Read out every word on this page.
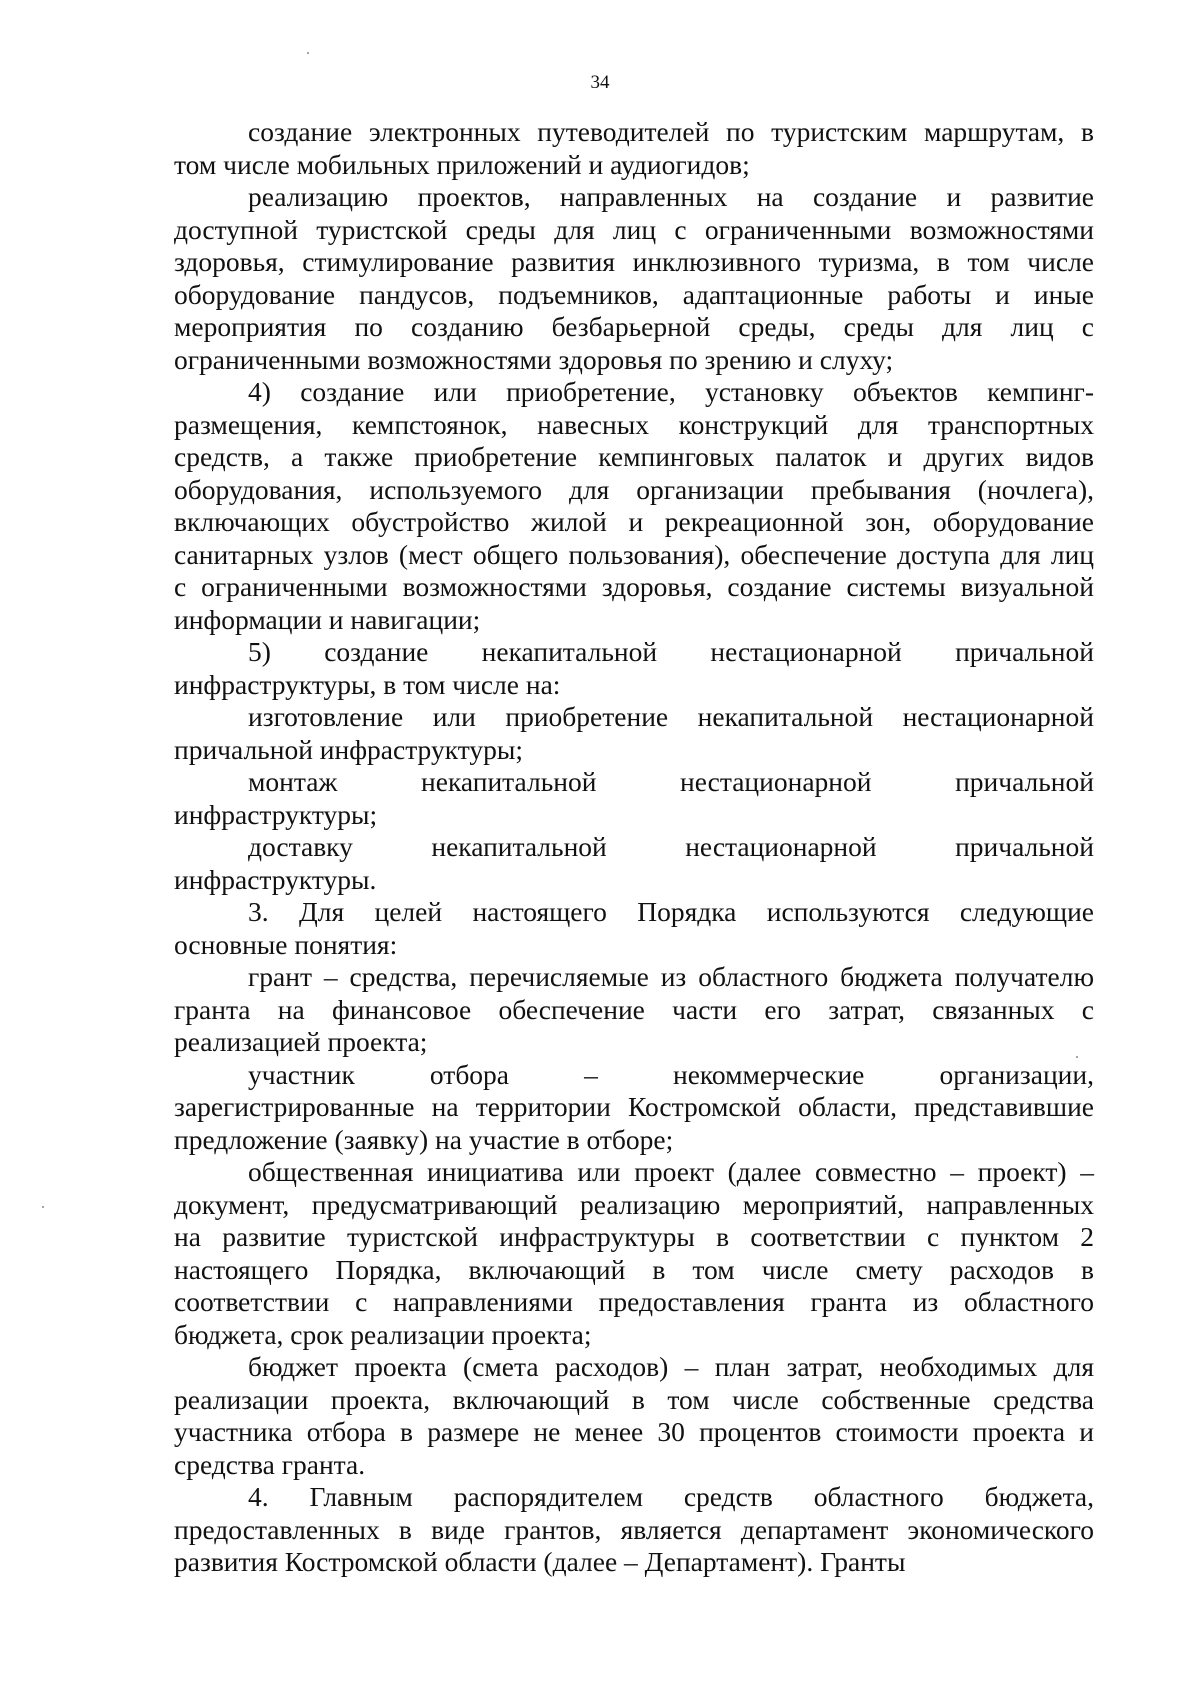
34
создание электронных путеводителей по туристским маршрутам, в
том числе мобильных приложений и аудиогидов;
реализацию проектов, направленных на создание и развитие
доступной туристской среды для лиц с ограниченными возможностями
здоровья, стимулирование развития инклюзивного туризма, в том числе
оборудование пандусов, подъемников, адаптационные работы и иные
мероприятия по созданию безбарьерной среды, среды для лиц с
ограниченными возможностями здоровья по зрению и слуху;
4) создание или приобретение, установку объектов кемпинг-
размещения, кемпстоянок, навесных конструкций для транспортных
средств, а также приобретение кемпинговых палаток и других видов
оборудования, используемого для организации пребывания (ночлега),
включающих обустройство жилой и рекреационной зон, оборудование
санитарных узлов (мест общего пользования), обеспечение доступа для лиц
с ограниченными возможностями здоровья, создание системы визуальной
информации и навигации;
5) создание некапитальной нестационарной причальной
инфраструктуры, в том числе на:
изготовление или приобретение некапитальной нестационарной
причальной инфраструктуры;
монтаж некапитальной нестационарной причальной
инфраструктуры;
доставку некапитальной нестационарной причальной
инфраструктуры.
3. Для целей настоящего Порядка используются следующие
основные понятия:
грант – средства, перечисляемые из областного бюджета получателю
гранта на финансовое обеспечение части его затрат, связанных с
реализацией проекта;
участник отбора – некоммерческие организации,
зарегистрированные на территории Костромской области, представившие
предложение (заявку) на участие в отборе;
общественная инициатива или проект (далее совместно – проект) –
документ, предусматривающий реализацию мероприятий, направленных
на развитие туристской инфраструктуры в соответствии с пунктом 2
настоящего Порядка, включающий в том числе смету расходов в
соответствии с направлениями предоставления гранта из областного
бюджета, срок реализации проекта;
бюджет проекта (смета расходов) – план затрат, необходимых для
реализации проекта, включающий в том числе собственные средства
участника отбора в размере не менее 30 процентов стоимости проекта и
средства гранта.
4. Главным распорядителем средств областного бюджета,
предоставленных в виде грантов, является департамент экономического
развития Костромской области (далее – Департамент). Гранты
